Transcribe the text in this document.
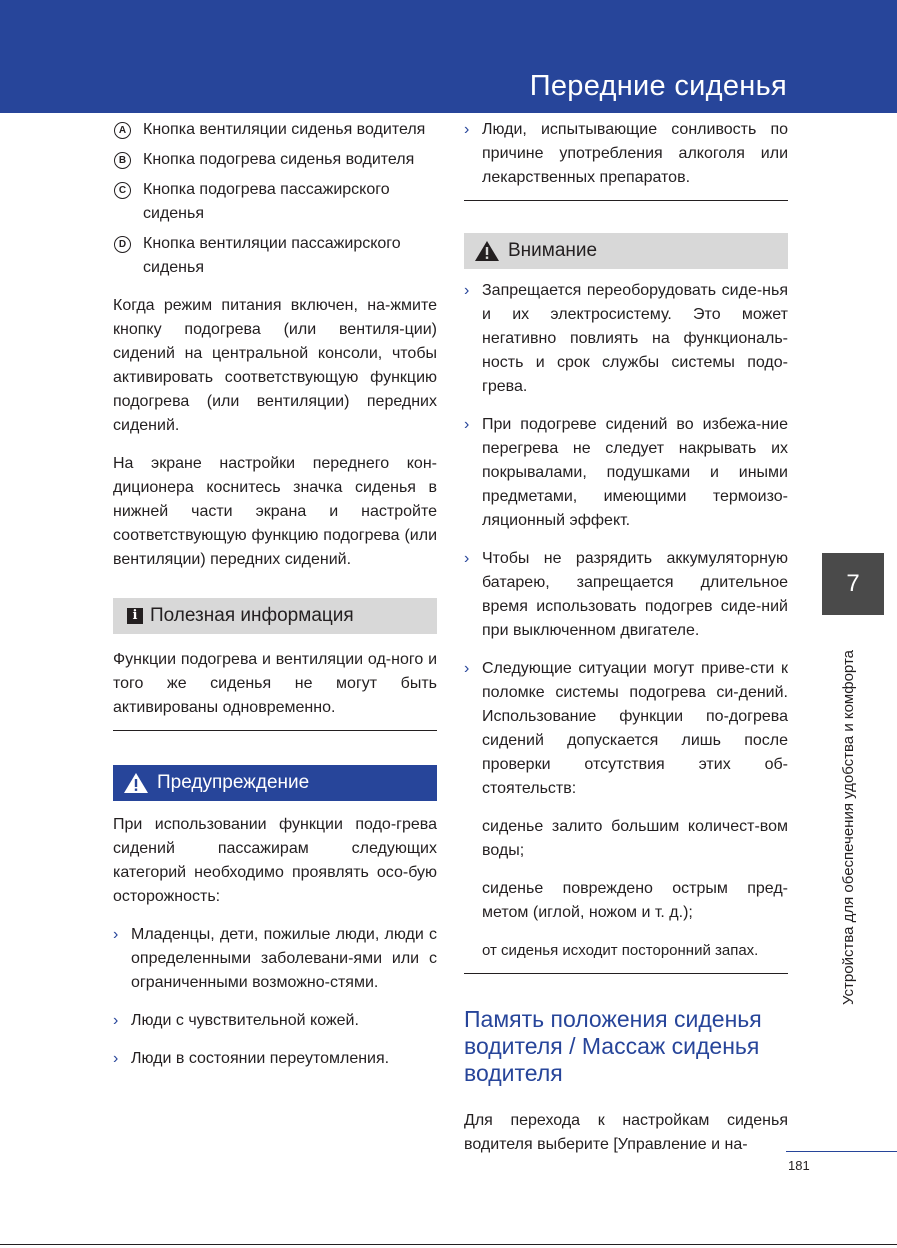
Передние сиденья
A	Кнопка вентиляции сиденья водителя
B	Кнопка подогрева сиденья водителя
C	Кнопка подогрева пассажирского сиденья
D	Кнопка вентиляции пассажирского сиденья

Когда режим питания включен, на-жмите кнопку подогрева (или вентиля-ции) сидений на центральной консоли, чтобы активировать соответствующую функцию подогрева (или вентиляции) передних сидений.

На экране настройки переднего кон-диционера коснитесь значка сиденья в нижней части экрана и настройте соответствующую функцию подогрева (или вентиляции) передних сидений.

i Полезная информация

Функции подогрева и вентиляции од-ного и того же сиденья не могут быть активированы одновременно.

Предупреждение

При использовании функции подо-грева сидений пассажирам следующих категорий необходимо проявлять осо-бую осторожность:

› Младенцы, дети, пожилые люди, люди с определенными заболевани-ями или с ограниченными возможно-стями.
› Люди с чувствительной кожей.
› Люди в состоянии переутомления.
› Люди, испытывающие сонливость по причине употребления алкоголя или лекарственных препаратов.
Внимание
› Запрещается переоборудовать сиде-нья и их электросистему. Это может негативно повлиять на функциональ-ность и срок службы системы подо-грева.
› При подогреве сидений во избежа-ние перегрева не следует накрывать их покрывалами, подушками и иными предметами, имеющими термоизо-ляционный эффект.
› Чтобы не разрядить аккумуляторную батарею, запрещается длительное время использовать подогрев сиде-ний при выключенном двигателе.
› Следующие ситуации могут приве-сти к поломке системы подогрева си-дений. Использование функции по-догрева сидений допускается лишь после проверки отсутствия этих об-стоятельств:
сиденье залито большим количест-вом воды;
сиденье повреждено острым пред-метом (иглой, ножом и т. д.);
от сиденья исходит посторонний запах.
Память положения сиденья водителя / Массаж сиденья водителя

Для перехода к настройкам сиденья водителя выберите [Управление и на-

7
Устройства для обеспечения удобства и комфорта
181
